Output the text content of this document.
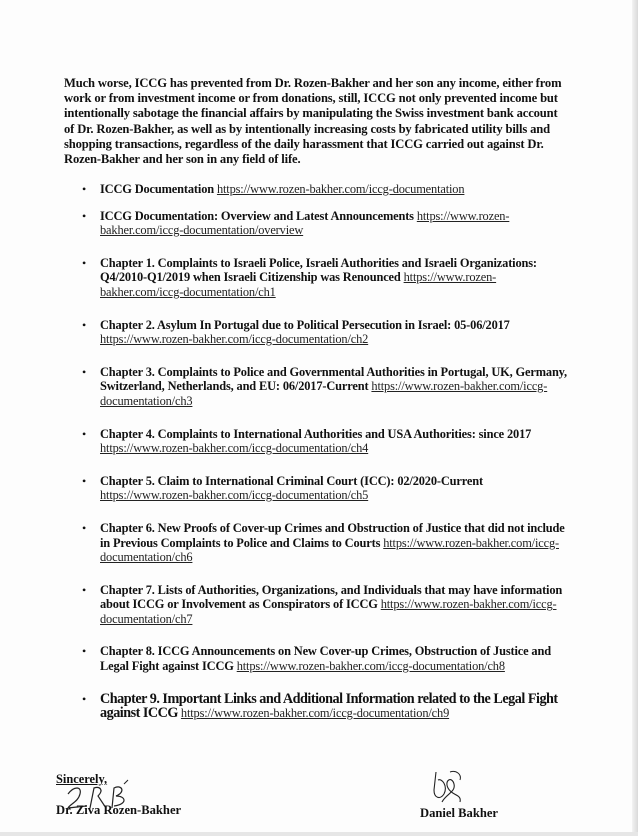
Much worse, ICCG has prevented from Dr. Rozen-Bakher and her son any income, either from work or from investment income or from donations, still, ICCG not only prevented income but intentionally sabotage the financial affairs by manipulating the Swiss investment bank account of Dr. Rozen-Bakher, as well as by intentionally increasing costs by fabricated utility bills and shopping transactions, regardless of the daily harassment that ICCG carried out against Dr. Rozen-Bakher and her son in any field of life.

• ICCG Documentation https://www.rozen-bakher.com/iccg-documentation
• ICCG Documentation: Overview and Latest Announcements https://www.rozen-bakher.com/iccg-documentation/overview
• Chapter 1. Complaints to Israeli Police, Israeli Authorities and Israeli Organizations: Q4/2010-Q1/2019 when Israeli Citizenship was Renounced https://www.rozen-bakher.com/iccg-documentation/ch1
• Chapter 2. Asylum In Portugal due to Political Persecution in Israel: 05-06/2017 https://www.rozen-bakher.com/iccg-documentation/ch2
• Chapter 3. Complaints to Police and Governmental Authorities in Portugal, UK, Germany, Switzerland, Netherlands, and EU: 06/2017-Current https://www.rozen-bakher.com/iccg-documentation/ch3
• Chapter 4. Complaints to International Authorities and USA Authorities: since 2017 https://www.rozen-bakher.com/iccg-documentation/ch4
• Chapter 5. Claim to International Criminal Court (ICC): 02/2020-Current https://www.rozen-bakher.com/iccg-documentation/ch5
• Chapter 6. New Proofs of Cover-up Crimes and Obstruction of Justice that did not include in Previous Complaints to Police and Claims to Courts https://www.rozen-bakher.com/iccg-documentation/ch6
• Chapter 7. Lists of Authorities, Organizations, and Individuals that may have information about ICCG or Involvement as Conspirators of ICCG https://www.rozen-bakher.com/iccg-documentation/ch7
• Chapter 8. ICCG Announcements on New Cover-up Crimes, Obstruction of Justice and Legal Fight against ICCG https://www.rozen-bakher.com/iccg-documentation/ch8
• Chapter 9. Important Links and Additional Information related to the Legal Fight against ICCG https://www.rozen-bakher.com/iccg-documentation/ch9
Sincerely,
Dr. Ziva Rozen-Bakher	Daniel Bakher
